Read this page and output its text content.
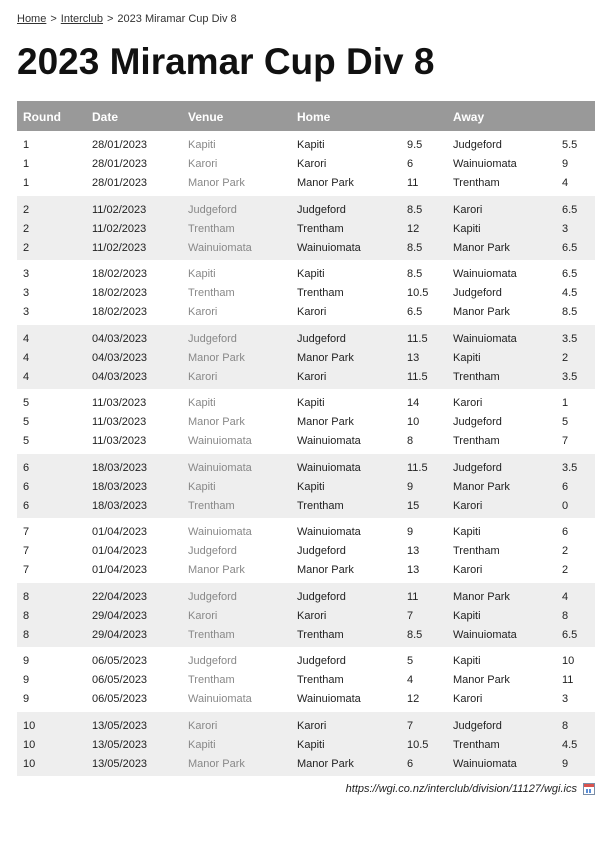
Home > Interclub > 2023 Miramar Cup Div 8
2023 Miramar Cup Div 8
Round	Date	Venue	Home	Away
1	28/01/2023	Kapiti	Kapiti	9.5	Judgeford	5.5
1	28/01/2023	Karori	Karori	6	Wainuiomata	9
1	28/01/2023	Manor Park	Manor Park	11	Trentham	4
2	11/02/2023	Judgeford	Judgeford	8.5	Karori	6.5
2	11/02/2023	Trentham	Trentham	12	Kapiti	3
2	11/02/2023	Wainuiomata	Wainuiomata	8.5	Manor Park	6.5
3	18/02/2023	Kapiti	Kapiti	8.5	Wainuiomata	6.5
3	18/02/2023	Trentham	Trentham	10.5 Judgeford	4.5
3	18/02/2023	Karori	Karori	6.5	Manor Park	8.5
4	04/03/2023	Judgeford	Judgeford	11.5 Wainuiomata	3.5
4	04/03/2023	Manor Park	Manor Park	13	Kapiti	2
4	04/03/2023	Karori	Karori	11.5 Trentham	3.5
5	11/03/2023	Kapiti	Kapiti	14	Karori	1
5	11/03/2023	Manor Park	Manor Park	10	Judgeford	5
5	11/03/2023	Wainuiomata	Wainuiomata	8	Trentham	7
6	18/03/2023	Wainuiomata	Wainuiomata	11.5 Judgeford	3.5
6	18/03/2023	Kapiti	Kapiti	9	Manor Park	6
6	18/03/2023	Trentham	Trentham	15	Karori	0
7	01/04/2023	Wainuiomata	Wainuiomata	9	Kapiti	6
7	01/04/2023	Judgeford	Judgeford	13	Trentham	2
7	01/04/2023	Manor Park	Manor Park	13	Karori	2
8	22/04/2023	Judgeford	Judgeford	11	Manor Park	4
8	29/04/2023	Karori	Karori	7	Kapiti	8
8	29/04/2023	Trentham	Trentham	8.5	Wainuiomata	6.5
9	06/05/2023	Judgeford	Judgeford	5	Kapiti	10
9	06/05/2023	Trentham	Trentham	4	Manor Park	11
9	06/05/2023	Wainuiomata	Wainuiomata	12	Karori	3
10	13/05/2023	Karori	Karori	7	Judgeford	8
10	13/05/2023	Kapiti	Kapiti	10.5 Trentham	4.5
10	13/05/2023	Manor Park	Manor Park	6	Wainuiomata	9
https://wgi.co.nz/interclub/division/11127/wgi.ics
